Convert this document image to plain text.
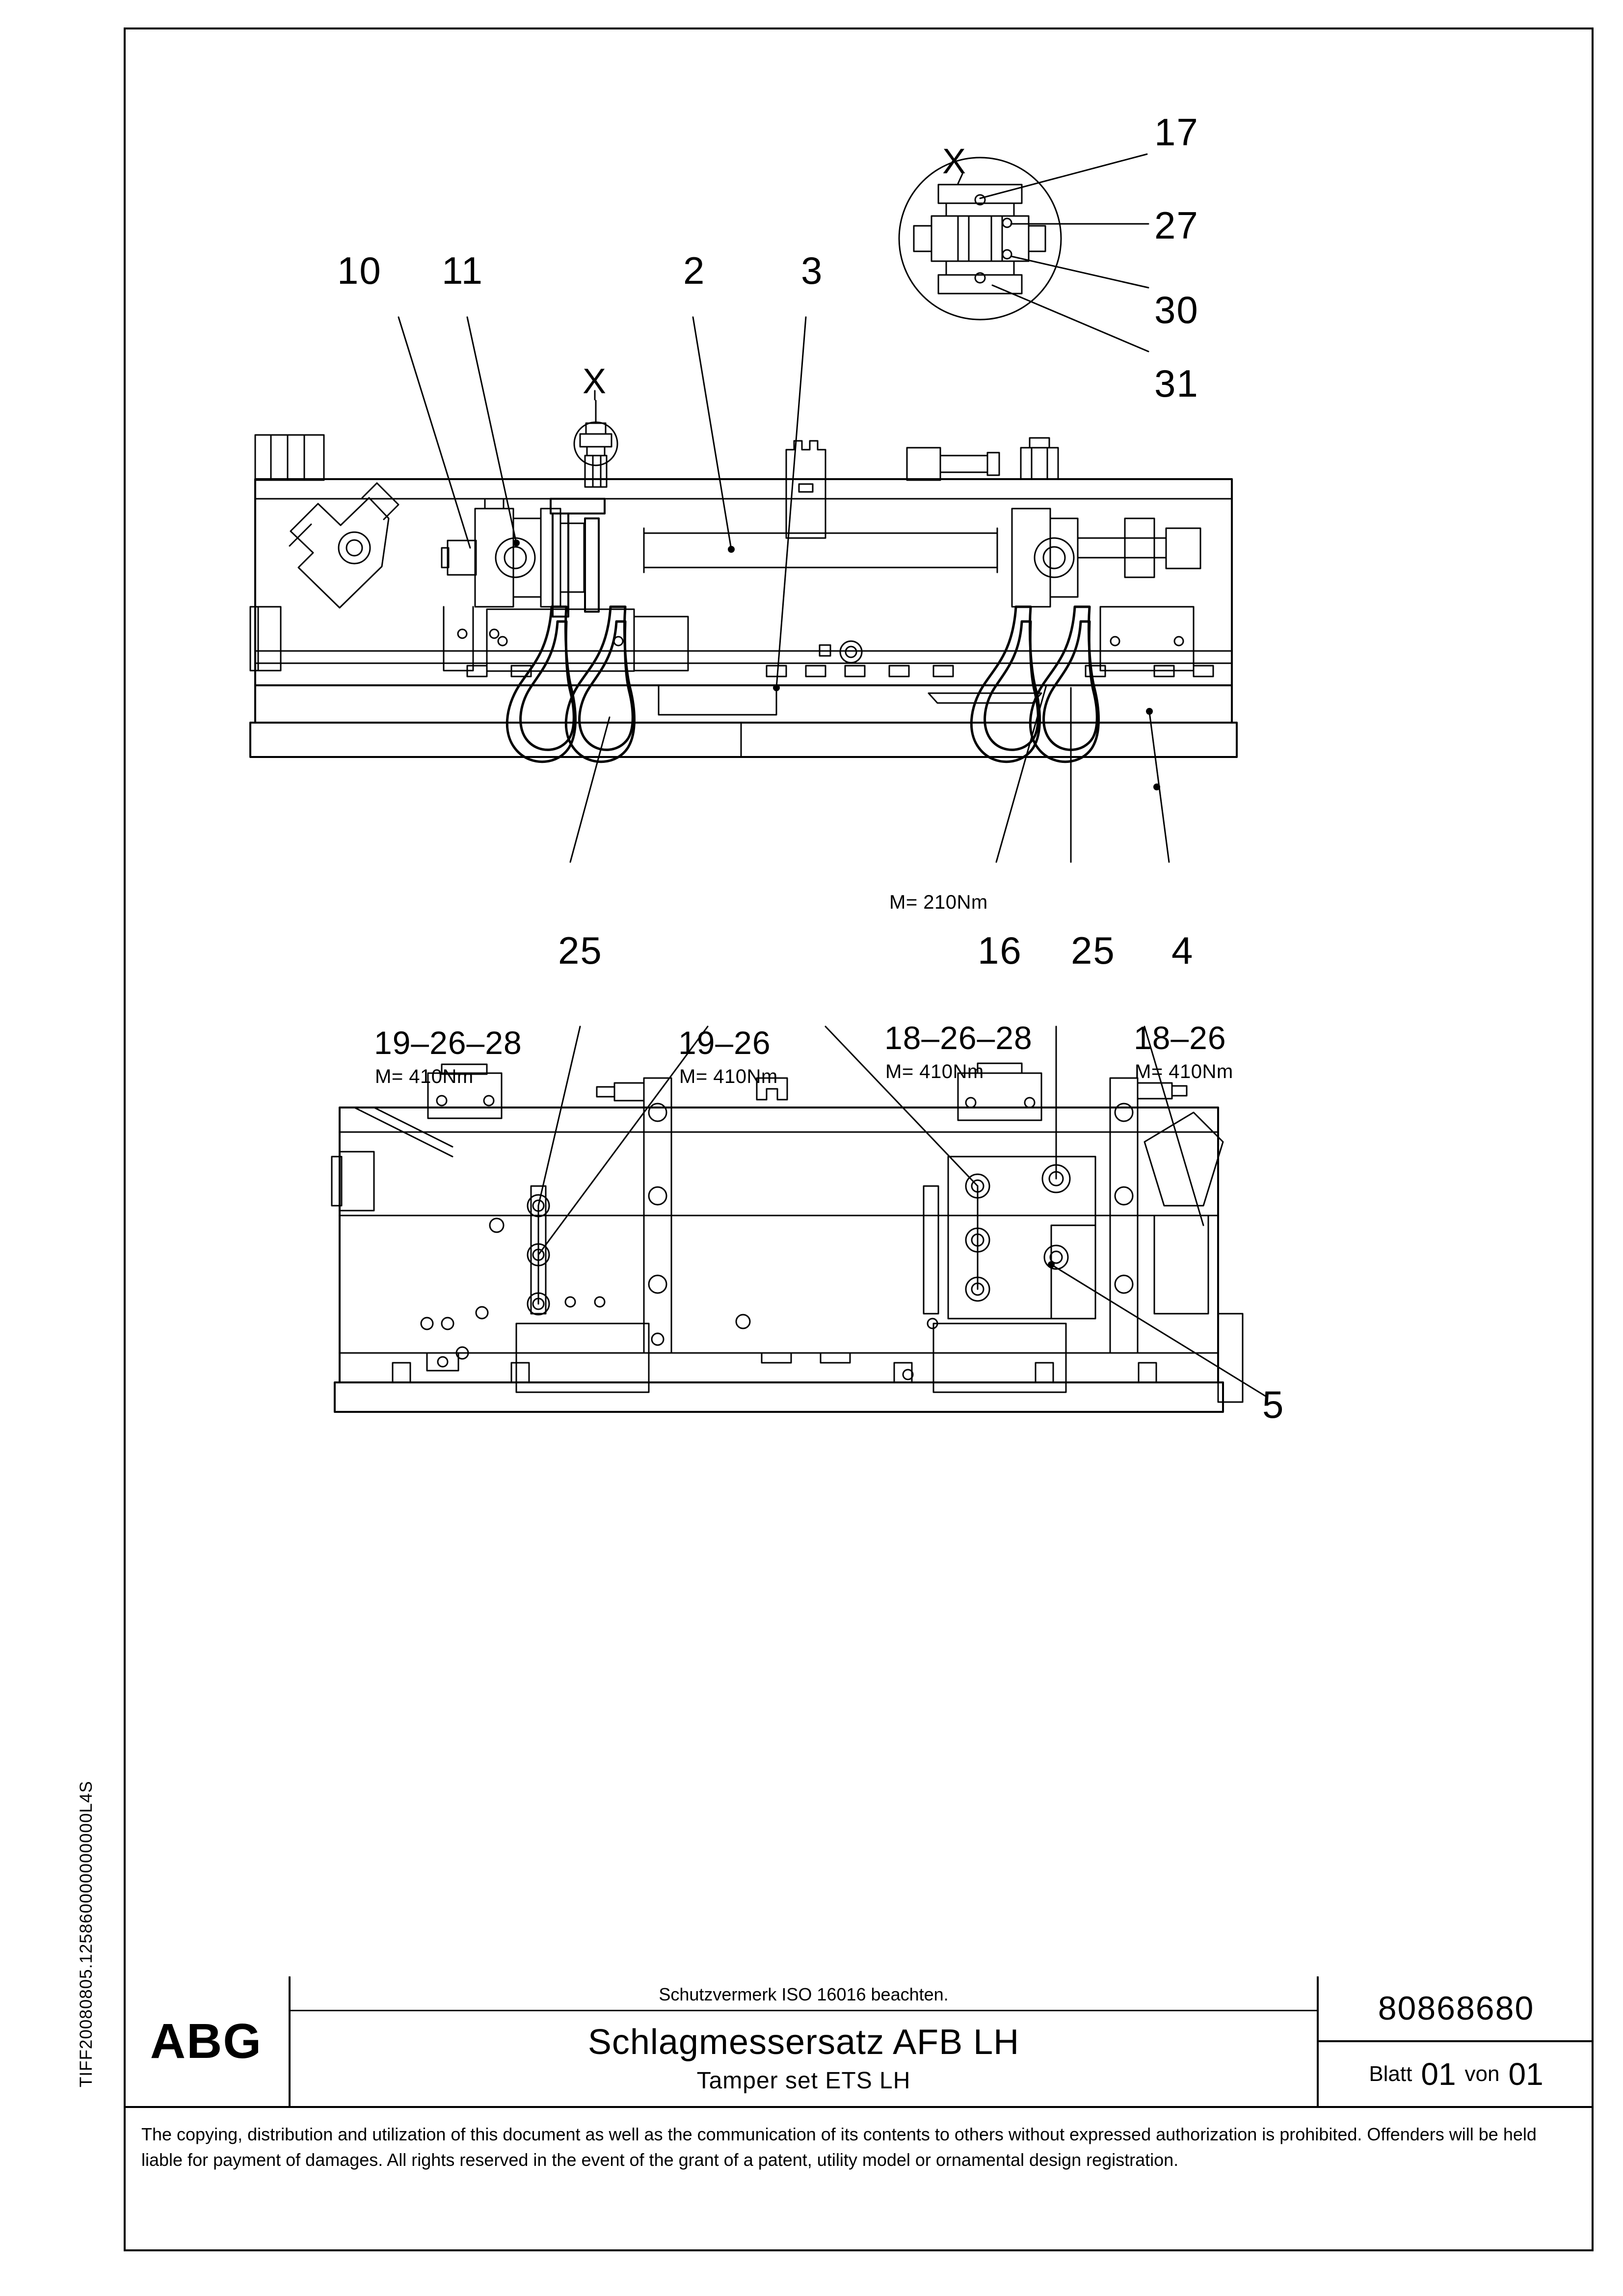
TIFF20080805.125860000000000L4S
X
X
17
27
30
31
10 11	2 3
M= 210Nm
25	16 25 4
19–26–28
M= 410Nm
19–26
M= 410Nm
18–26–28
M= 410Nm
18–26
M= 410Nm
5
ABG
Schutzvermerk ISO 16016 beachten.
Schlagmessersatz AFB LH
Tamper set ETS LH
80868680
Blatt 01 von 01
The copying, distribution and utilization of this document as well as the communication of its contents to others without expressed authorization is prohibited. Offenders will be held liable for payment of damages. All rights reserved in the event of the grant of a patent, utility model or ornamental design registration.
